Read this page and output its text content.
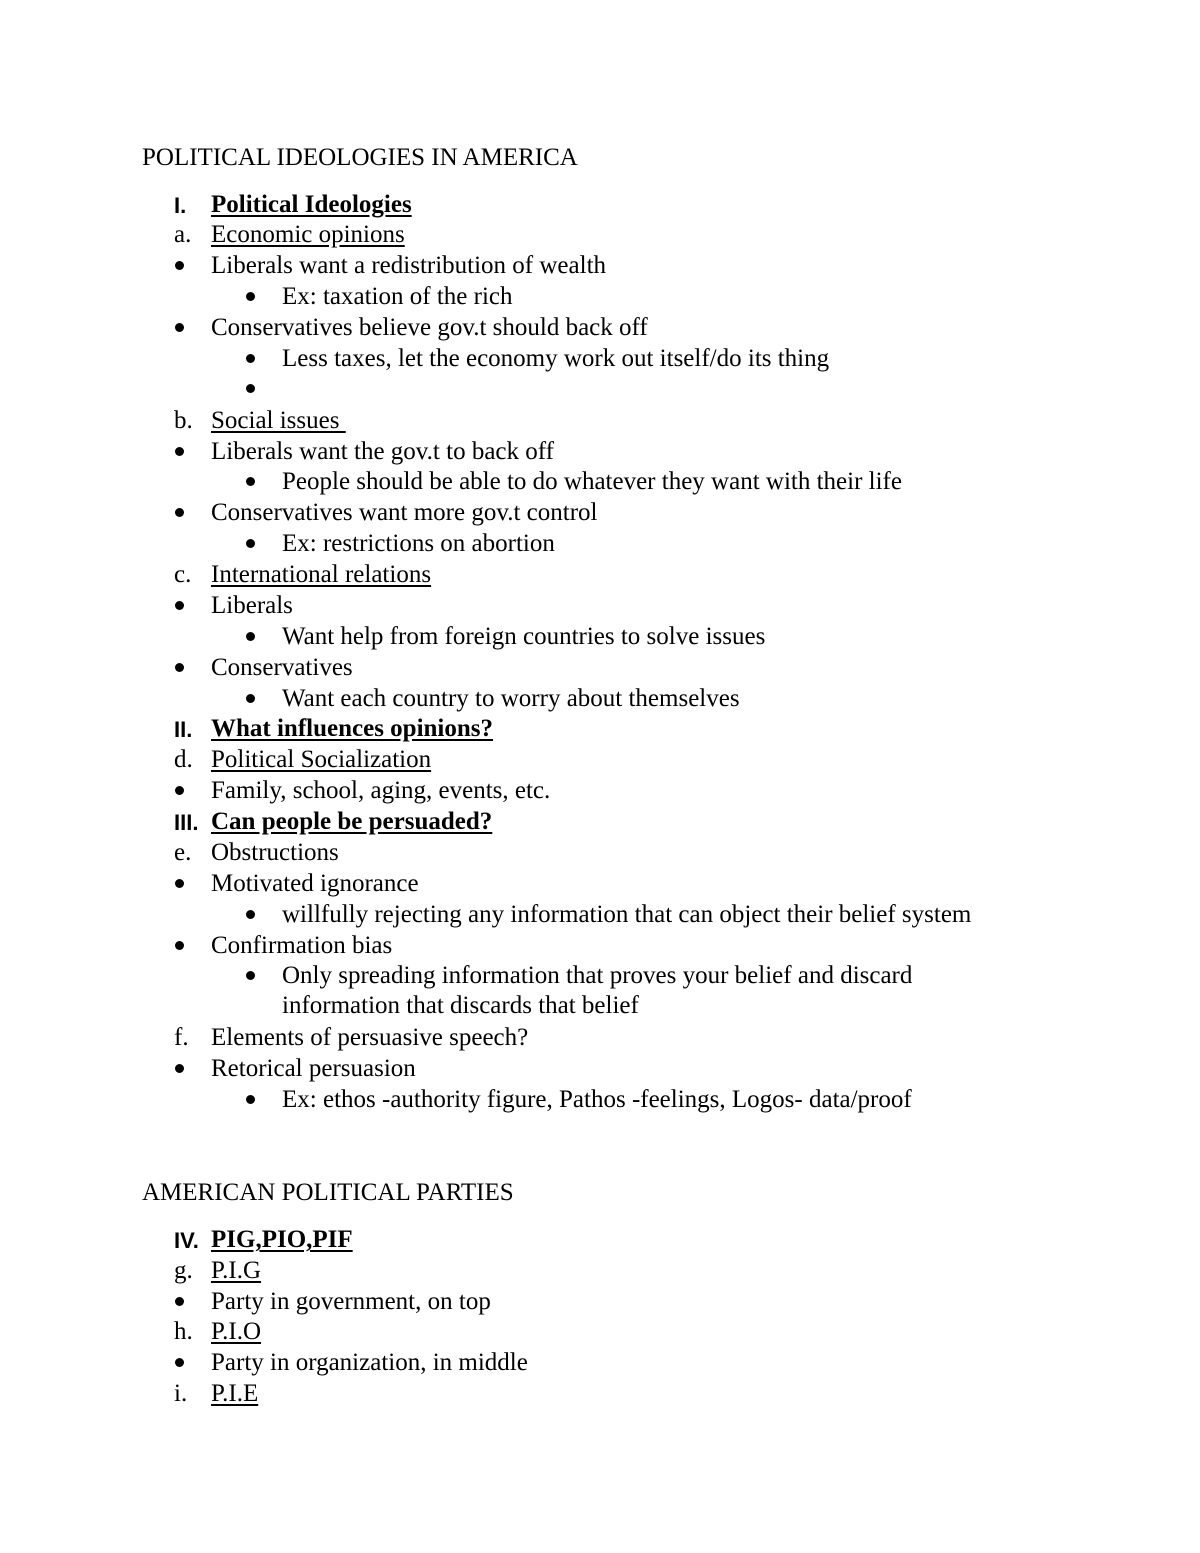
POLITICAL IDEOLOGIES IN AMERICA
I. Political Ideologies
a. Economic opinions
Liberals want a redistribution of wealth
Ex: taxation of the rich
Conservatives believe gov.t should back off
Less taxes, let the economy work out itself/do its thing
b. Social issues
Liberals want the gov.t to back off
People should be able to do whatever they want with their life
Conservatives want more gov.t control
Ex: restrictions on abortion
c. International relations
Liberals
Want help from foreign countries to solve issues
Conservatives
Want each country to worry about themselves
II. What influences opinions?
d. Political Socialization
Family, school, aging, events, etc.
III. Can people be persuaded?
e. Obstructions
Motivated ignorance
willfully rejecting any information that can object their belief system
Confirmation bias
Only spreading information that proves your belief and discard
information that discards that belief
f. Elements of persuasive speech?
Retorical persuasion
Ex: ethos -authority figure, Pathos -feelings, Logos- data/proof
AMERICAN POLITICAL PARTIES
IV. PIG,PIO,PIF
g. P.I.G
Party in government, on top
h. P.I.O
Party in organization, in middle
i. P.I.E
